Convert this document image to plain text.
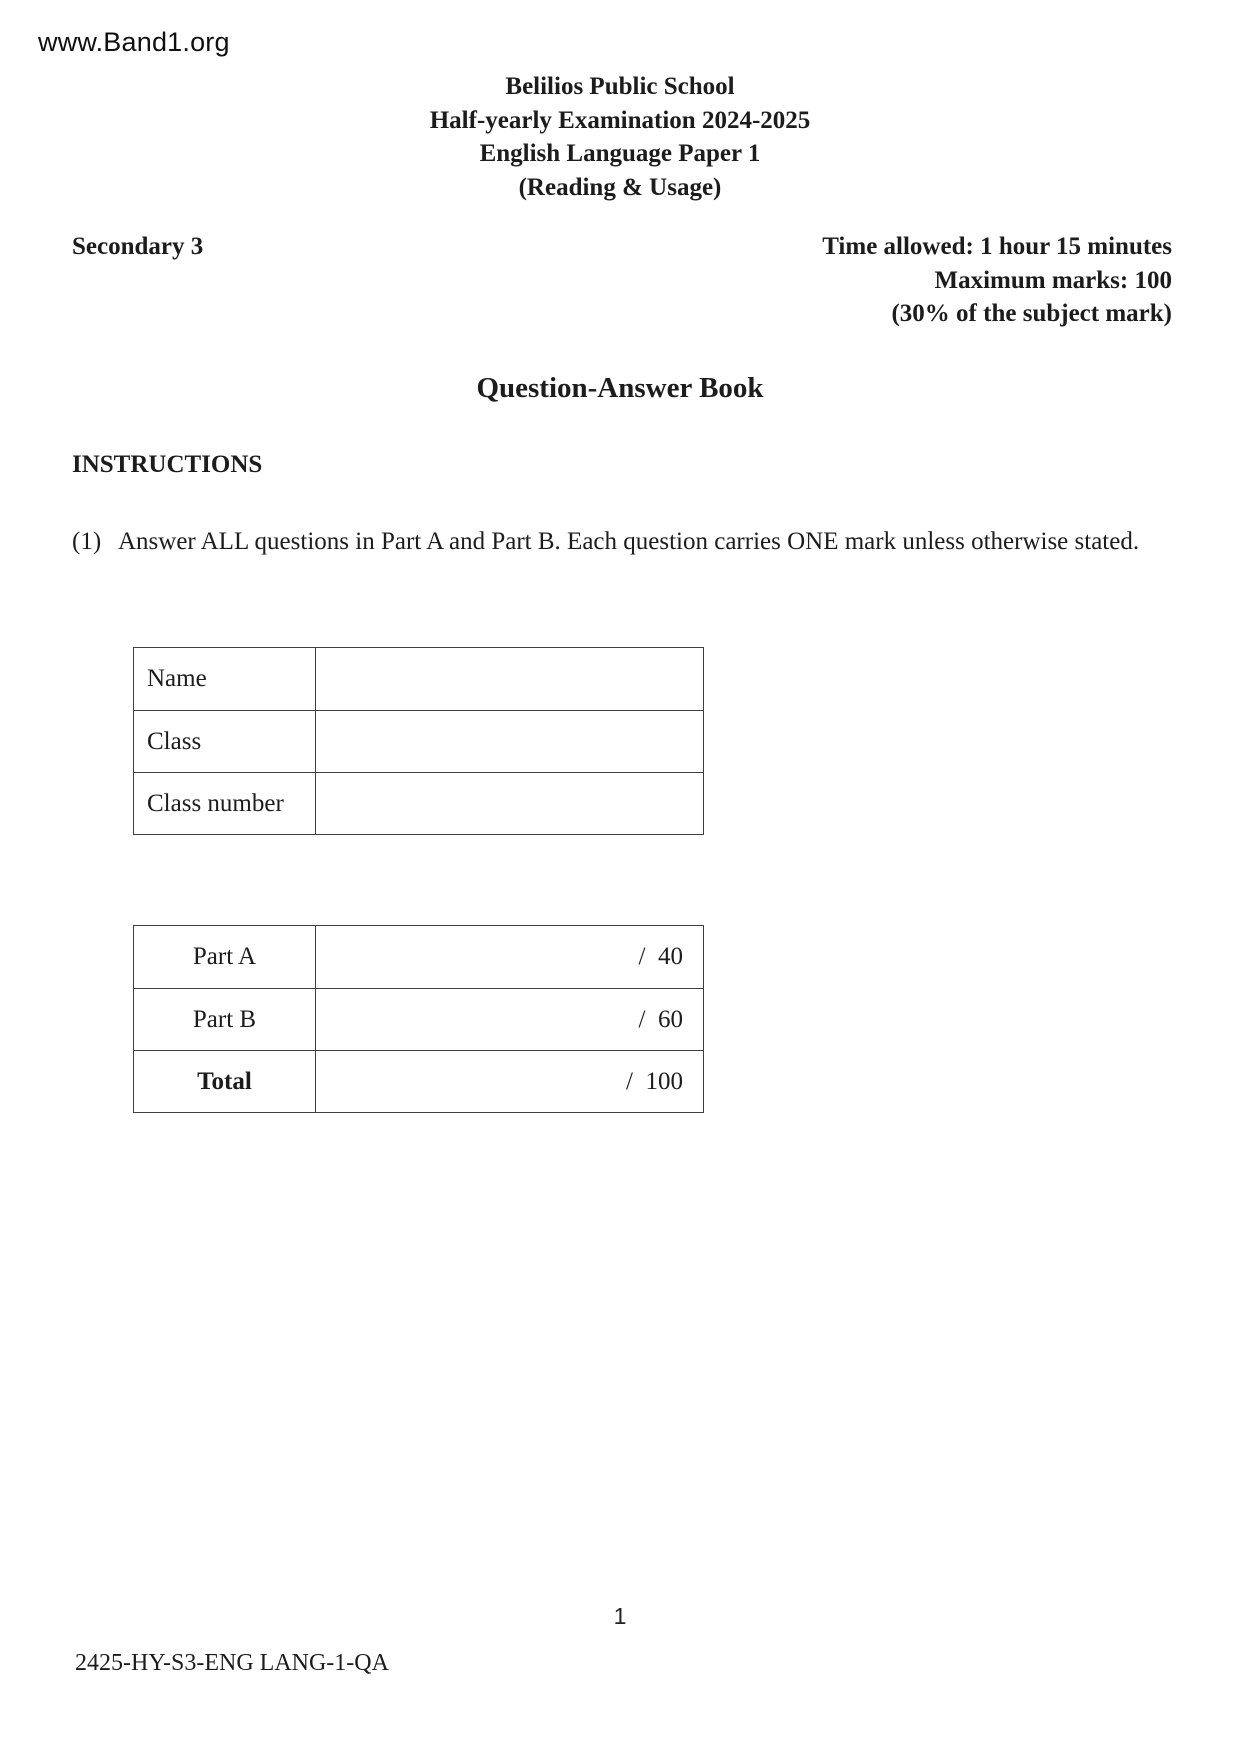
www.Band1.org
Belilios Public School
Half-yearly Examination 2024-2025
English Language Paper 1
(Reading & Usage)
Secondary 3	Time allowed: 1 hour 15 minutes
Maximum marks: 100
(30% of the subject mark)
Question-Answer Book
INSTRUCTIONS
(1) Answer ALL questions in Part A and Part B. Each question carries ONE mark unless otherwise stated.
Name
Class
Class number
Part A	/  40
Part B	/  60
Total	/  100
1
2425-HY-S3-ENG LANG-1-QA
